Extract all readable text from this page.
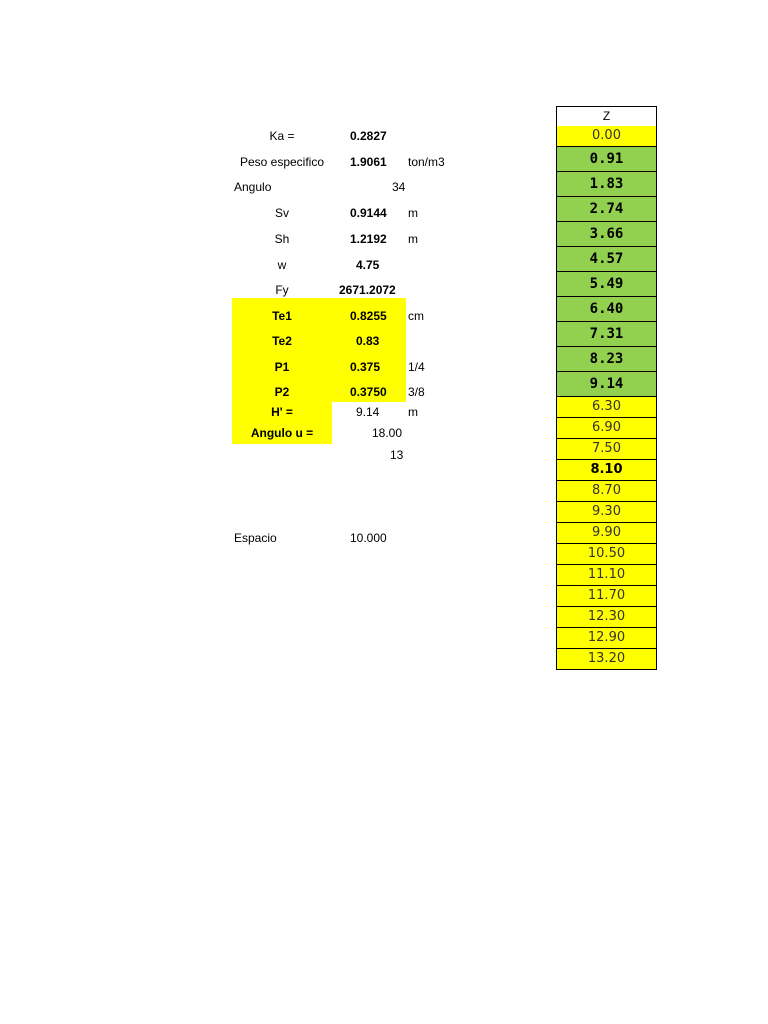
Ka =	0.2827
Peso especifico	1.9061 ton/m3
Angulo	34
Sv	0.9144 m
Sh	1.2192 m
w	4.75
Fy	2671.2072
Te1	0.8255 cm
Te2	0.83
P1	0.375 1/4
P2	0.3750 3/8
H' =	9.14 m
Angulo u =	18.00
13
Espacio	10.000
Z
0.00
0.91
1.83
2.74
3.66
4.57
5.49
6.40
7.31
8.23
9.14
6.30
6.90
7.50
8.10
8.70
9.30
9.90
10.50
11.10
11.70
12.30
12.90
13.20
